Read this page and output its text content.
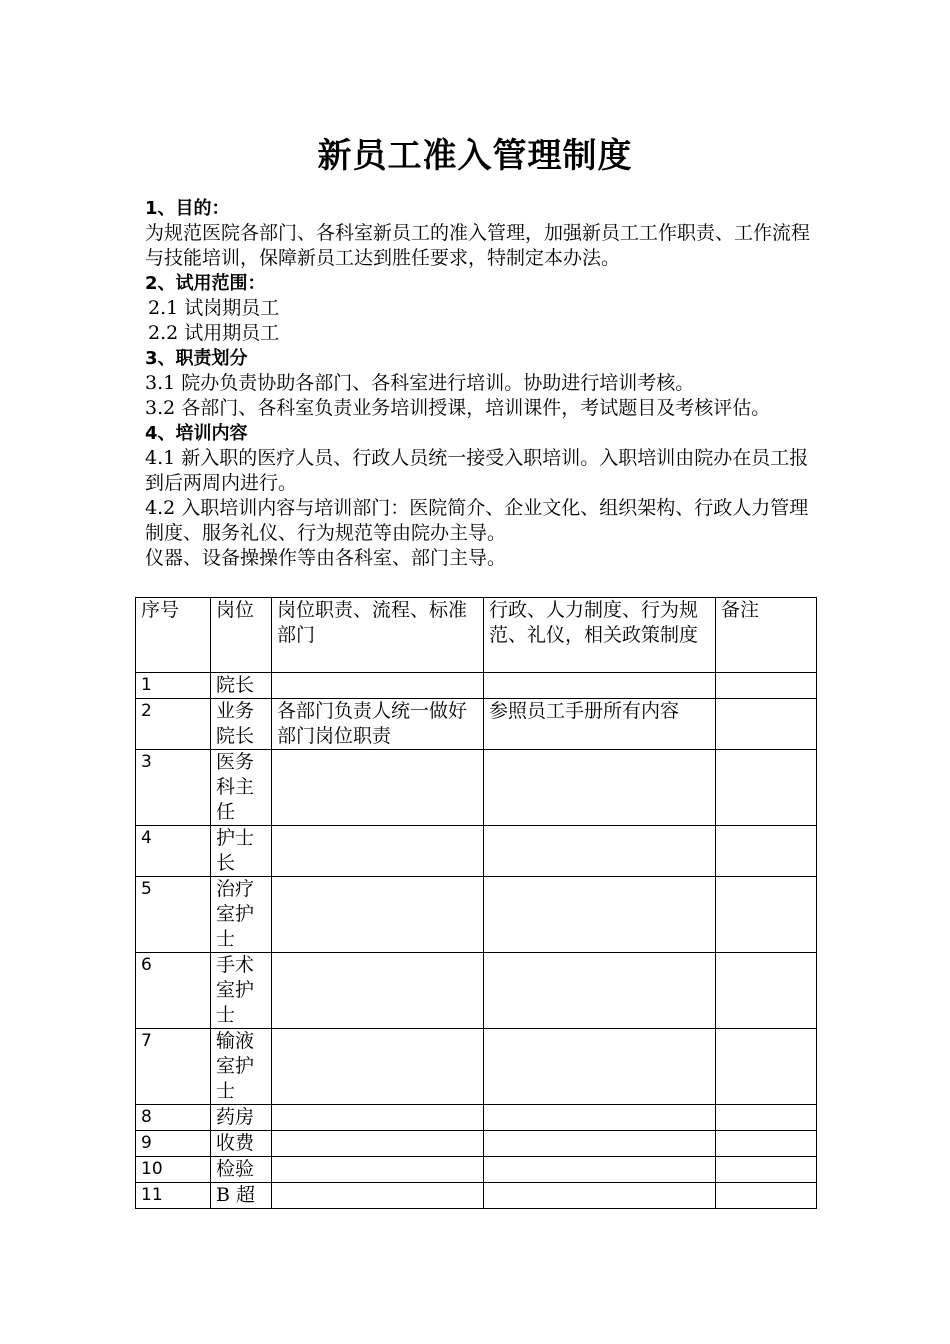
新员工准入管理制度

1、目的：

为规范医院各部门、各科室新员工的准入管理，加强新员工工作职责、工作流程与技能培训，保障新员工达到胜任要求，特制定本办法。

2、试用范围：

2.1 试岗期员工

2.2 试用期员工

3、职责划分

3.1 院办负责协助各部门、各科室进行培训。协助进行培训考核。

3.2 各部门、各科室负责业务培训授课，培训课件，考试题目及考核评估。

4、培训内容

4.1 新入职的医疗人员、行政人员统一接受入职培训。入职培训由院办在员工报到后两周内进行。

4.2 入职培训内容与培训部门：医院简介、企业文化、组织架构、行政人力管理制度、服务礼仪、行为规范等由院办主导。

仪器、设备操操作等由各科室、部门主导。

序号	岗位	岗位职责、流程、标准部门	行政、人力制度、行为规范、礼仪，相关政策制度	备注
1	院长			
2	业务院长	各部门负责人统一做好部门岗位职责	参照员工手册所有内容	
3	医务科主任			
4	护士长			
5	治疗室护士			
6	手术室护士			
7	输液室护士			
8	药房			
9	收费			
10	检验			
11	B 超			
